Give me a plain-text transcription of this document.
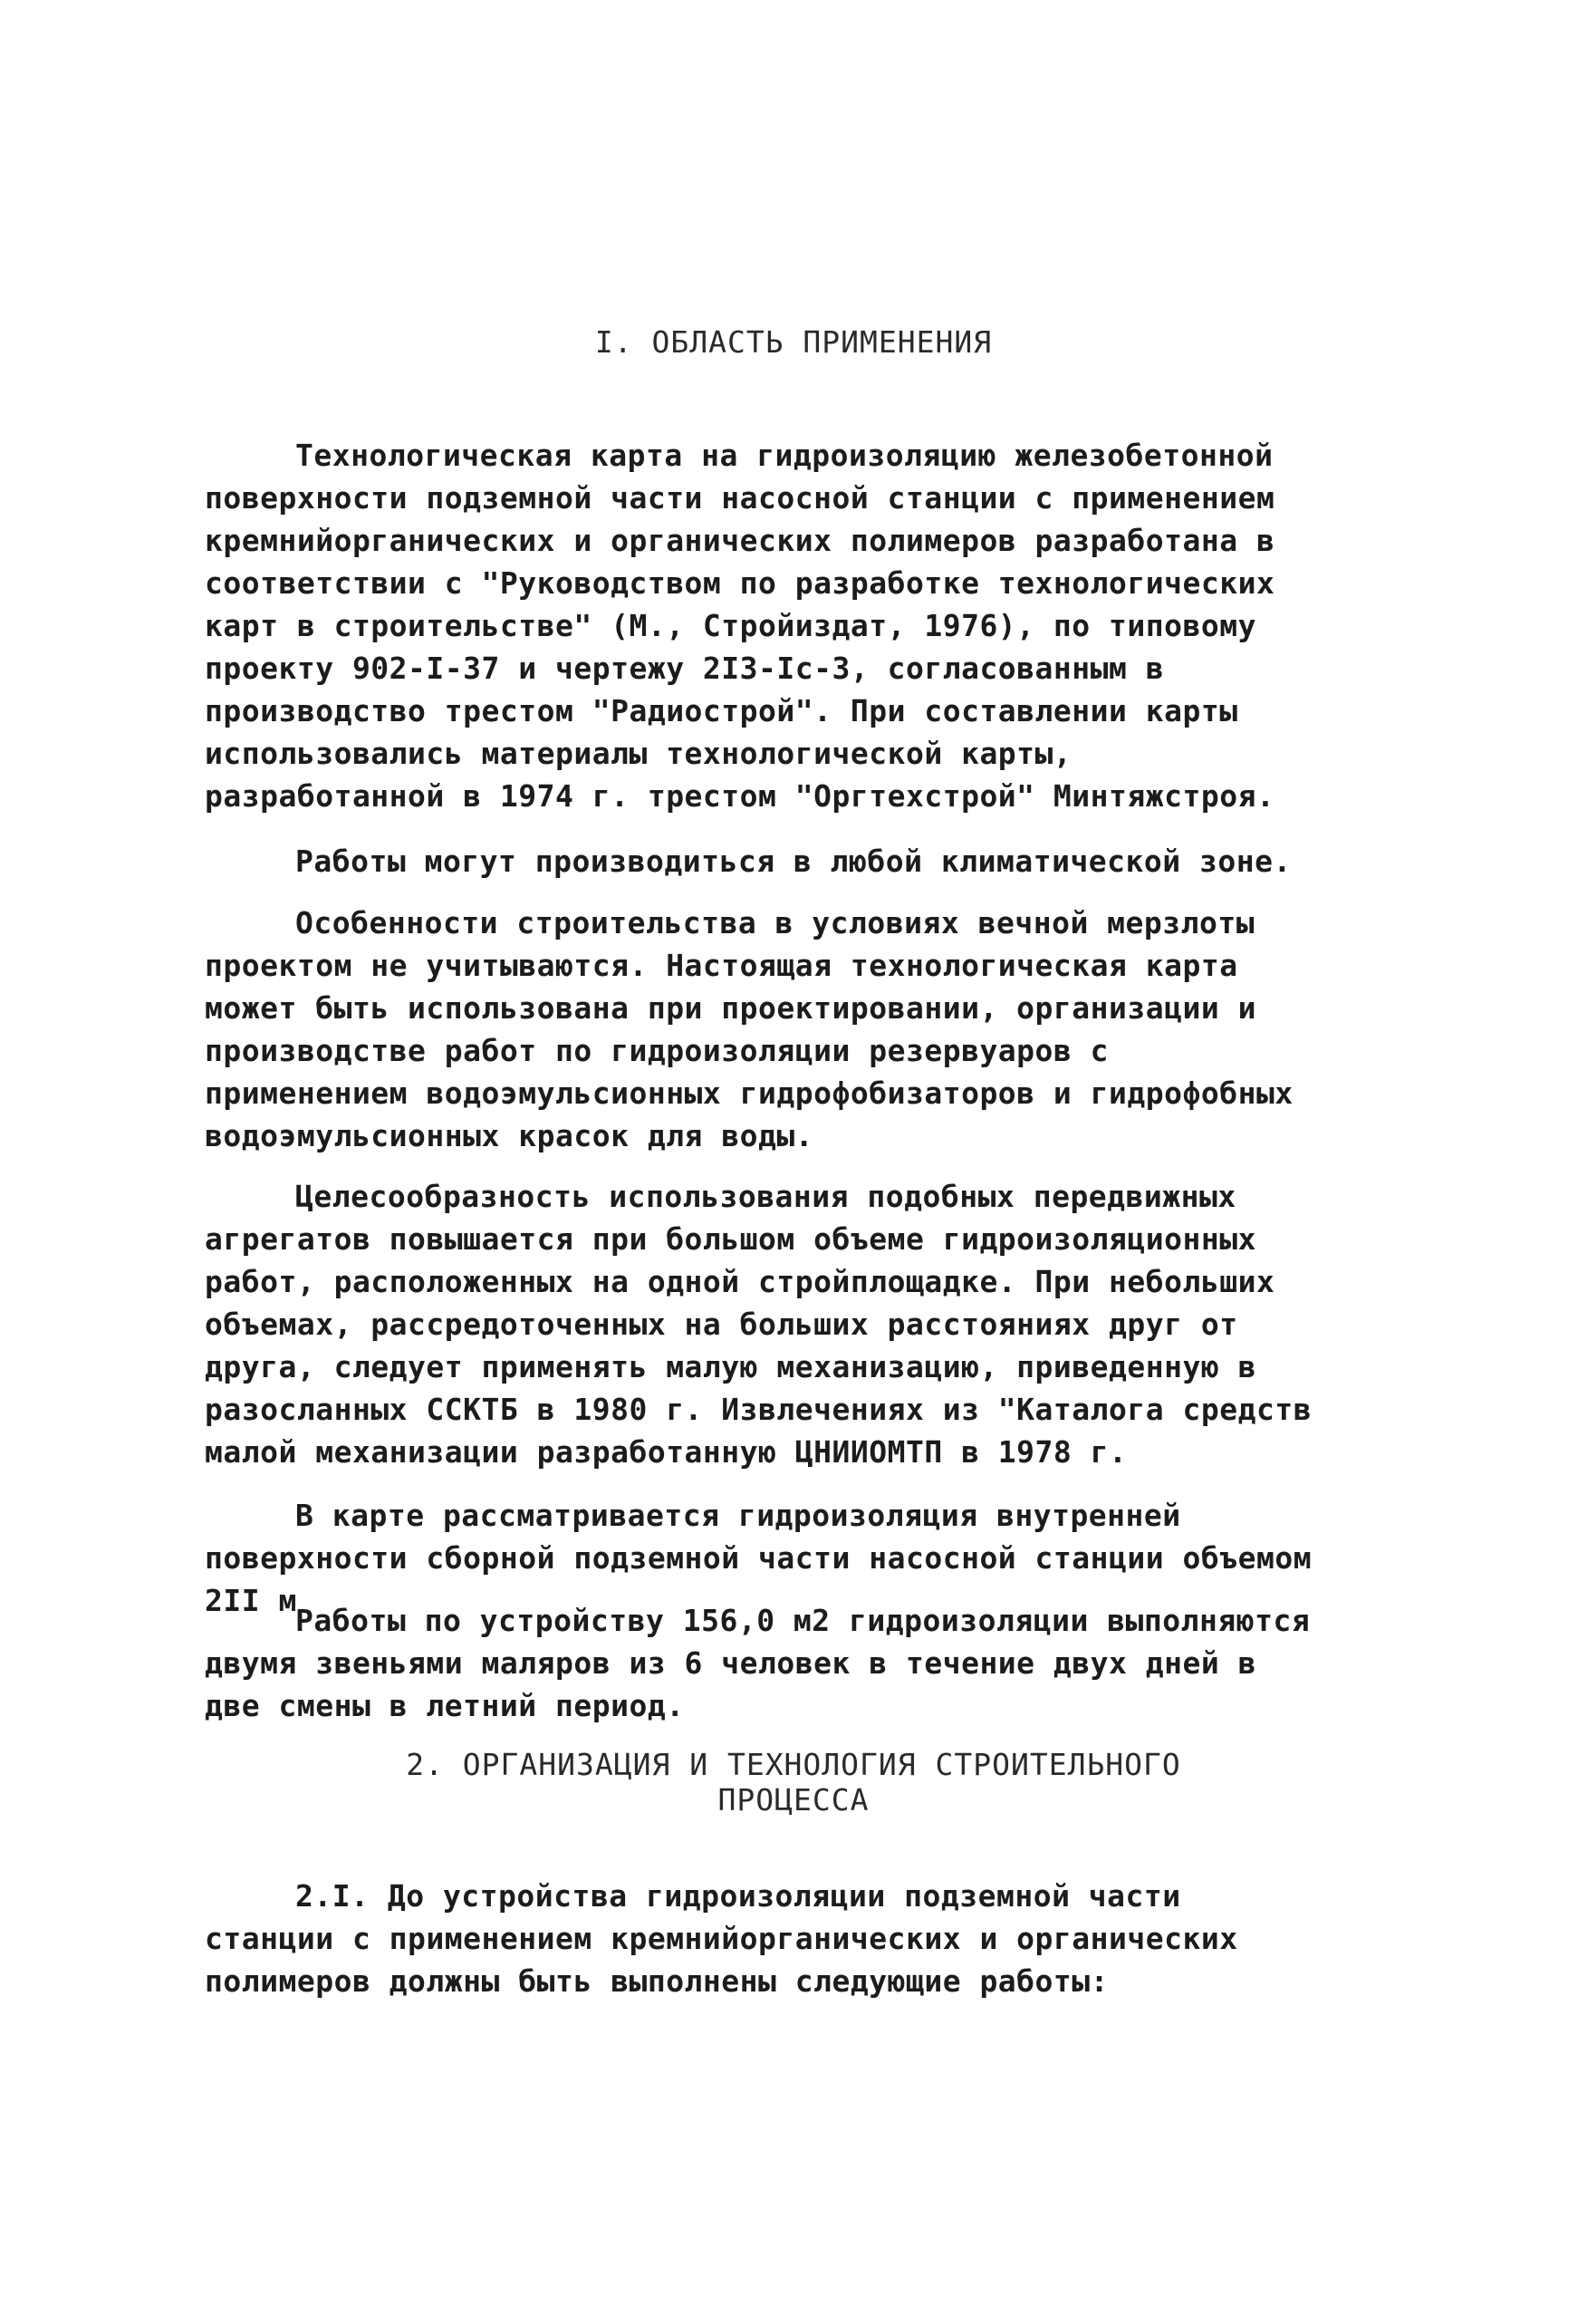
I. ОБЛАСТЬ ПРИМЕНЕНИЯ

Технологическая карта на гидроизоляцию железобетонной поверхности подземной части насосной станции с применением кремнийорганических и органических полимеров разработана в соответствии с "Руководством по разработке технологических карт в строительстве" (М., Стройиздат, 1976), по типовому проекту 902-I-37 и чертежу 2I3-Iс-3, согласованным в производство трестом "Радиострой". При составлении карты использовались материалы технологической карты, разработанной в 1974 г. трестом "Оргтехстрой" Минтяжстроя.

Работы могут производиться в любой климатической зоне.

Особенности строительства в условиях вечной мерзлоты проектом не учитываются. Настоящая технологическая карта может быть использована при проектировании, организации и производстве работ по гидроизоляции резервуаров с применением водоэмульсионных гидрофобизаторов и гидрофобных водоэмульсионных красок для воды.

Целесообразность использования подобных передвижных агрегатов повышается при большом объеме гидроизоляционных работ, расположенных на одной стройплощадке. При небольших объемах, рассредоточенных на больших расстояниях друг от друга, следует применять малую механизацию, приведенную в разосланных ССКТБ в 1980 г. Извлечениях из "Каталога средств малой механизации разработанную ЦНИИОМТП в 1978 г.

В карте рассматривается гидроизоляция внутренней поверхности сборной подземной части насосной станции объемом 2II м

Работы по устройству 156,0 м2 гидроизоляции выполняются двумя звеньями маляров из 6 человек в течение двух дней в две смены в летний период.

2. ОРГАНИЗАЦИЯ И ТЕХНОЛОГИЯ СТРОИТЕЛЬНОГО
ПРОЦЕССА

2.I. До устройства гидроизоляции подземной части станции с применением кремнийорганических и органических полимеров должны быть выполнены следующие работы:
